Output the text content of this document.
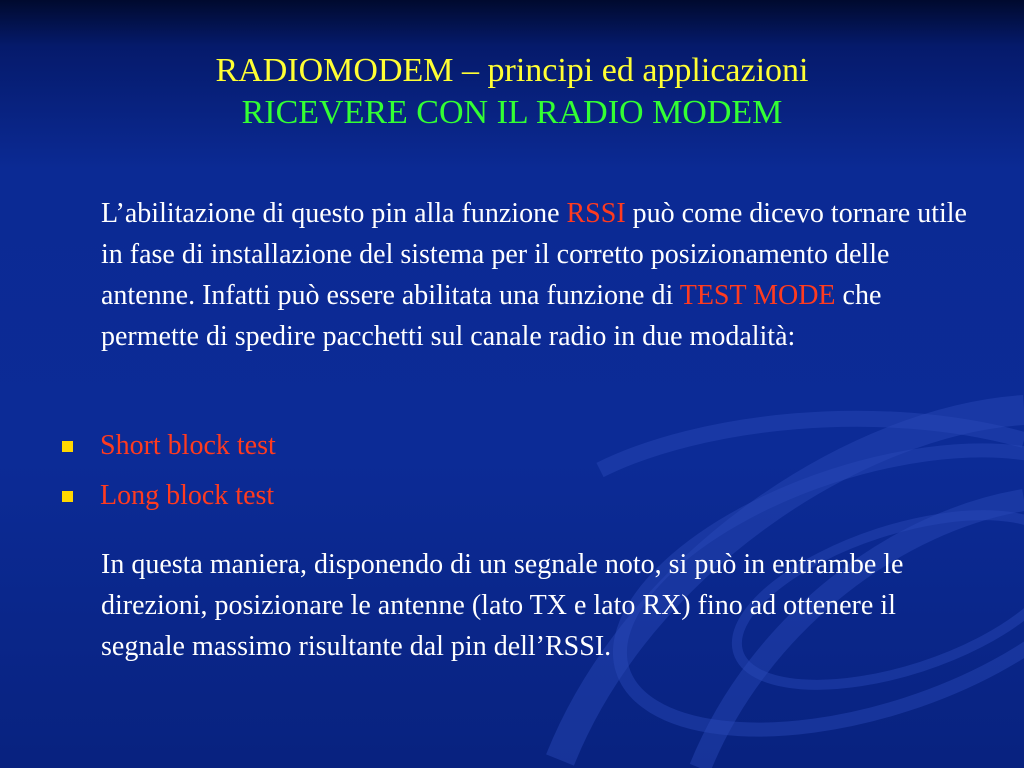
RADIOMODEM – principi ed applicazioni
RICEVERE CON IL RADIO MODEM
L’abilitazione di questo pin alla funzione RSSI può come dicevo tornare utile in fase di installazione del sistema per il corretto posizionamento delle antenne. Infatti può essere abilitata una funzione di TEST MODE che permette di spedire pacchetti sul canale radio in due modalità:
Short block test
Long block test
In questa maniera, disponendo di un segnale noto, si può in entrambe le direzioni, posizionare le antenne (lato TX e lato RX) fino ad ottenere il segnale massimo risultante dal pin dell’RSSI.
